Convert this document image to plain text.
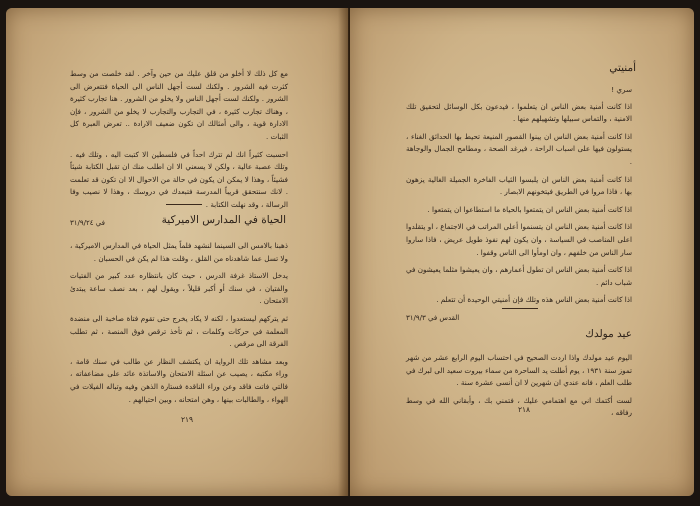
مع كل ذلك لا أخلو من قلق عليك من حين وآخر . لقد خلصت من وسط كثرت فيه الشرور . ولكنك لست أجهل الناس الى الحياة فتتعرض الى الشرور . ولكنك لست أجهل الناس ولا يخلو من الشرور . هنا تجارب كثيرة ، وهناك تجارب كثيرة ، في التجارب والتجارب لا يخلو من الشرور ، فإن الادارة قوية ، والى أمثالك ان تكون ضعيف الارادة .. تعرض العبرة كل الثبات .

احسبت كثيراً انك لم تترك احداً في فلسطين الا كتبت اليه ، وتلك فيه . وتلك عصبة عالية ، ولكن لا يسعني الا ان اطلب منك ان تقبل الكتابة شيئاً فشيئاً ، وهذا لا يمكن ان يكون في حالة من الاحوال الا ان تكون قد تعلمت . لانك سنتحقق قريباً المدرسة فتبعدك في دروسك ، وهذا لا نصيب وفا الرسالة ، وقد نهلت الكتابة .

في ٣١/٩/٢٤	الحياة في المدارس الاميركية

ذهبنا بالامس الى السينما لنشهد فلماً يمثل الحياة في المدارس الاميركية ، ولا تسل عما شاهدناه من القلق ، وقلت هذا لم يكن في الحسبان .

يدخل الاستاذ غرفة الدرس ، حيث كان بانتظاره عدد كبير من الفتيات والفتيان ، في سنك أو أكبر قليلاً ، ويقول لهم ، بعد نصف ساعة يبتدئ الامتحان .

ثم يتركهم ليستعدوا ، لكنه لا يكاد يخرج حتى تقوم فتاة صاخبة الى منضدة المعلمة في حركات وكلمات ، ثم تأخذ ترقص فوق المنصة ، ثم تطلب الفرقة الى مرقص .

وبعد مشاهد تلك الرواية ان يكتشف النظار عن طالب في سنك قامة ، وراء مكتبه ، يصيب عن اسئلة الامتحان والاساتذة عائد على مضاعفاته ، فالتي فاتت فاقد وعن وراء الناقدة فستارة الذهن وفيه وتباله الفيلات في الهواء ، والطالبات بينها ، وهن امتحانه ، وبين احتيالهم .

٢١٩
أمنيتي
سري !

اذا كانت أمنية بعض الناس ان يتعلموا ، فيدعون بكل الوسائل لتحقيق تلك الامنية ، والتماس سبيلها وتشهيلهم منها .

اذا كانت أمنية بعض الناس ان يبنوا القصور المنيعة تحيط بها الحدائق الغناء ، يستولون فيها على اسباب الراحة ، فيرغد الصحة ، ومطامح الجمال والوجاهة .

اذا كانت أمنية بعض الناس ان يلبسوا الثياب الفاخرة الجميلة الغالية يزهون بها ، فاذا مروا في الطريق فيتخونهم الابصار .

اذا كانت أمنية بعض الناس ان يتمتعوا بالحياة ما استطاعوا ان يتمتعوا .

اذا كانت أمنية بعض الناس ان يتسنموا أعلى المراتب في الاجتماع ، او يتقلدوا اعلى المناصب في السياسة ، وان يكون لهم نفوذ طويل عريض ، فاذا ساروا سار الناس من خلفهم ، وان اومأوا الى الناس وقفوا .

اذا كانت أمنية بعض الناس ان تطول أعمارهم ، وان يعيشوا مثلما يعيشون في شباب دائم .

اذا كانت أمنية بعض الناس هذه وتلك فإن أمنيتي الوحيدة أن تتعلم .

القدس في ٣١/٩/٣
عيد مولدك

اليوم عيد مولدك واذا اردت الصحيح في احتساب اليوم الرابع عشر من شهر تموز سنة ١٩٣١ ، يوم أطلت يد الساحرة من سماء بيروت سعيد الى لبرك في طلب العلم ، فانه عندي ان شهرين لا ان أنسى عشرة سنة .

لست أكتمك اني مع اهتمامي عليك ، فتمني بك ، وأبقاني الله في وسط رفاقه ،

٢١٨
